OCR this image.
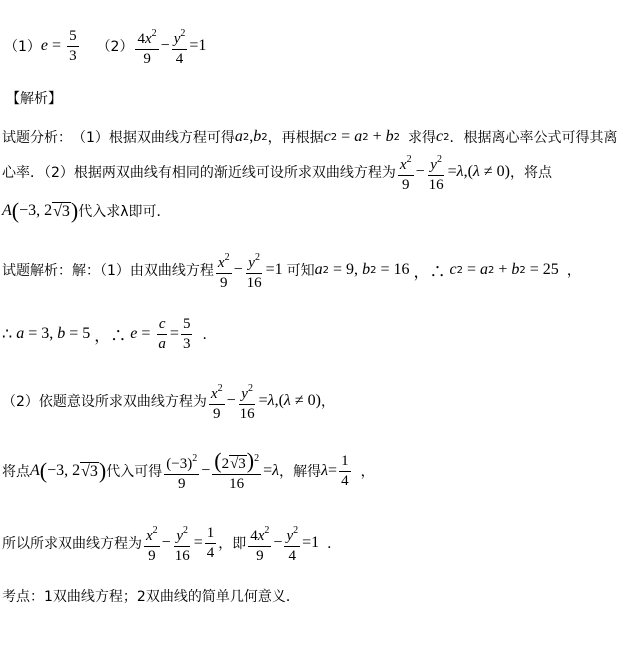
（1） $e = \frac{5}{3} (2) \frac{4x^2}{9} - \frac{y^2}{4} =1$
【解析】
试题分析： （1）根据双曲线方程可得 a 2 , b 2 ，再根据 c 2 = a 2 + b 2 求得 c 2 ．根据离心率公式可得其离
心率．（2）根据两双曲线有相同的渐近线可设所求双曲线方程为 $\frac{x^2}{9} - \frac{y^2}{16} = \lambda$ ,( λ ≠ 0) ，将点
A ( −3, 2 √3 ) 代入求λ即可．
试题解析：解：（1）由双曲线方程 $\frac{x^2}{9} - \frac{y^2}{16} =1$ 可知 a 2 = 9, b 2 = 16 ，∴ c 2 = a 2 + b 2 = 25 ，
∴ a = 3, b = 5 ，∴ $e = \frac{c}{a} = \frac{5}{3}$ ．
（2）依题意设所求双曲线方程为 $\frac{x^2}{9} - \frac{y^2}{16} = \lambda$ ,( λ ≠ 0) ，
将点 A ( −3, 2 √3 ) 代入可得 $\frac{(-3)^2}{9} - \frac{(2√3)^2}{16} = \lambda$ ，解得 $\lambda = \frac{1}{4}$ ，
所以所求双曲线方程为 $\frac{x^2}{9} - \frac{y^2}{16} = \frac{1}{4}$ ，即 $\frac{4x^2}{9} - \frac{y^2}{4} =1$ ．
考点：1双曲线方程；2双曲线的简单几何意义．
